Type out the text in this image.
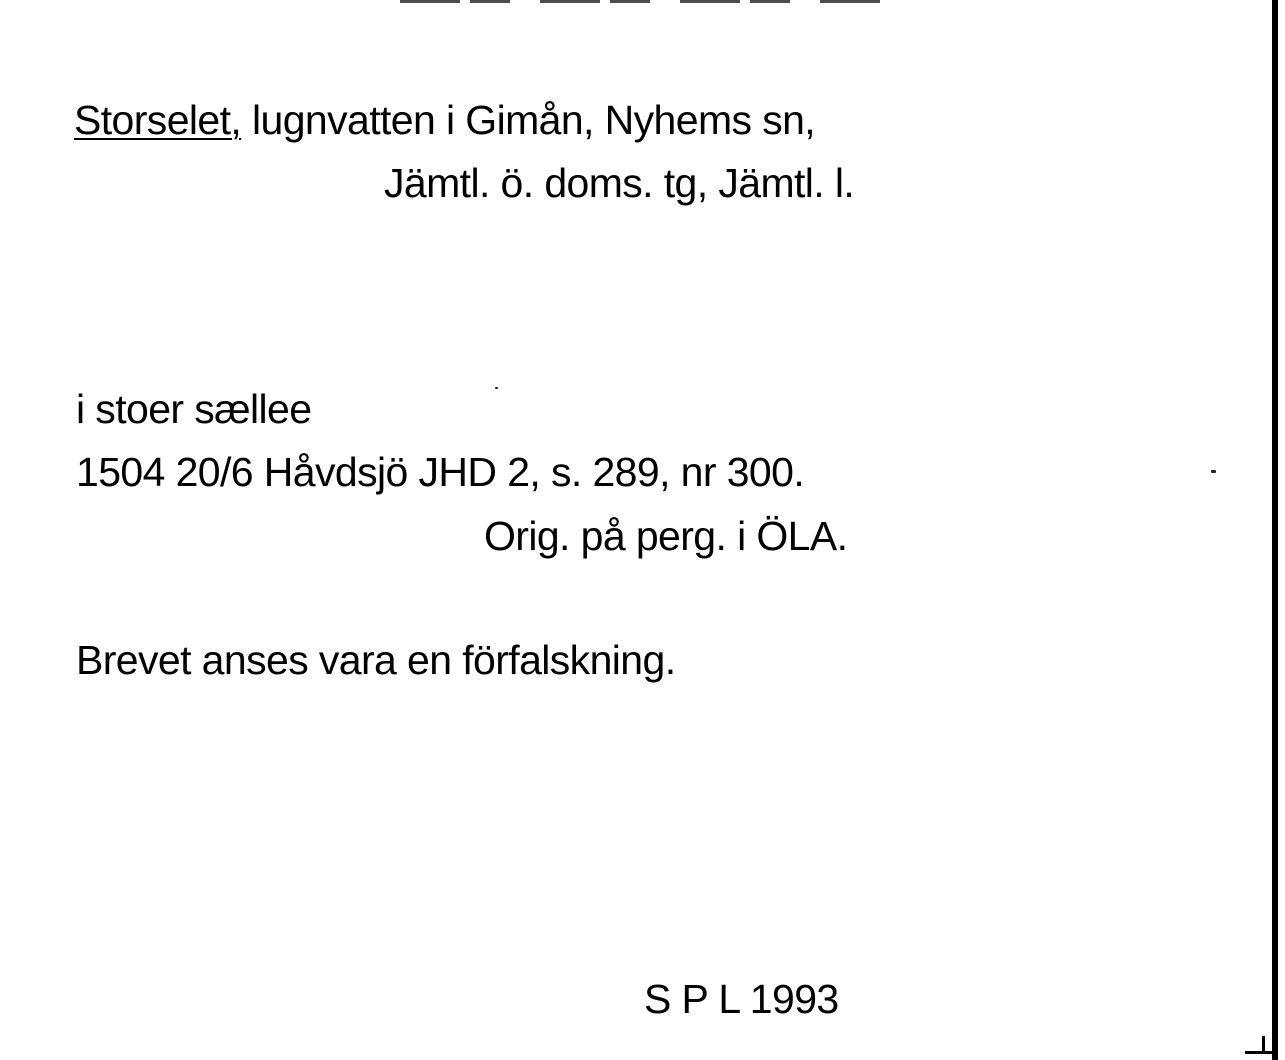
Storselet, lugnvatten i Gimån, Nyhems sn,
Jämtl. ö. doms. tg, Jämtl. l.
i stoer sællee
1504 20/6 Håvdsjö JHD 2, s. 289, nr 300.
Orig. på perg. i ÖLA.
Brevet anses vara en förfalskning.
S P L 1993
